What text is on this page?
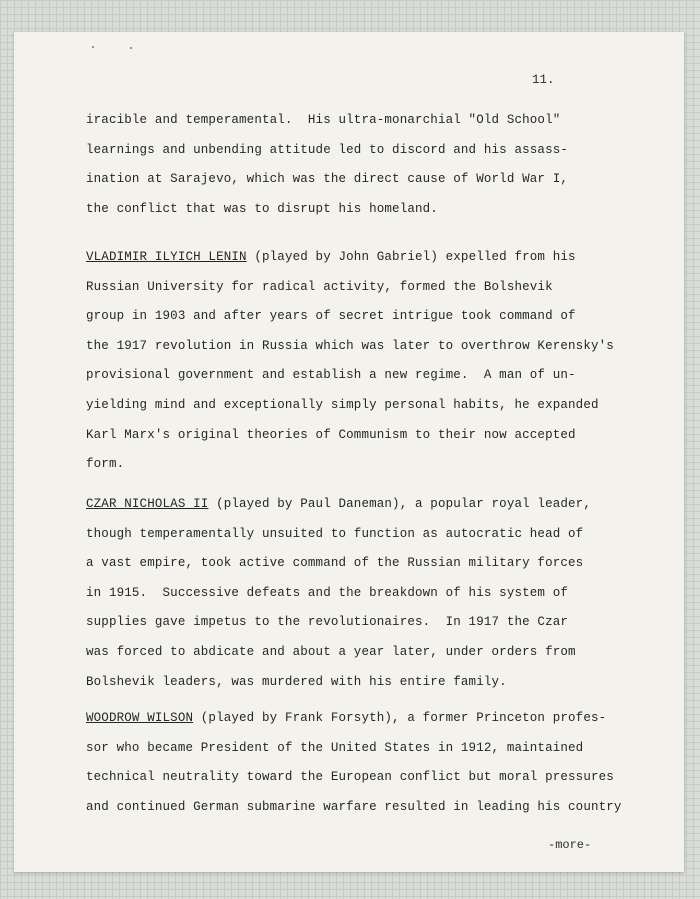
11.
iracible and temperamental.  His ultra-monarchial "Old School"
learnings and unbending attitude led to discord and his assass-
ination at Sarajevo, which was the direct cause of World War I,
the conflict that was to disrupt his homeland.
VLADIMIR ILYICH LENIN (played by John Gabriel) expelled from his
Russian University for radical activity, formed the Bolshevik
group in 1903 and after years of secret intrigue took command of
the 1917 revolution in Russia which was later to overthrow Kerensky's
provisional government and establish a new regime.  A man of un-
yielding mind and exceptionally simply personal habits, he expanded
Karl Marx's original theories of Communism to their now accepted
form.
CZAR NICHOLAS II (played by Paul Daneman), a popular royal leader,
though temperamentally unsuited to function as autocratic head of
a vast empire, took active command of the Russian military forces
in 1915.  Successive defeats and the breakdown of his system of
supplies gave impetus to the revolutionaires.  In 1917 the Czar
was forced to abdicate and about a year later, under orders from
Bolshevik leaders, was murdered with his entire family.
WOODROW WILSON (played by Frank Forsyth), a former Princeton profes-
sor who became President of the United States in 1912, maintained
technical neutrality toward the European conflict but moral pressures
and continued German submarine warfare resulted in leading his country
-more-
